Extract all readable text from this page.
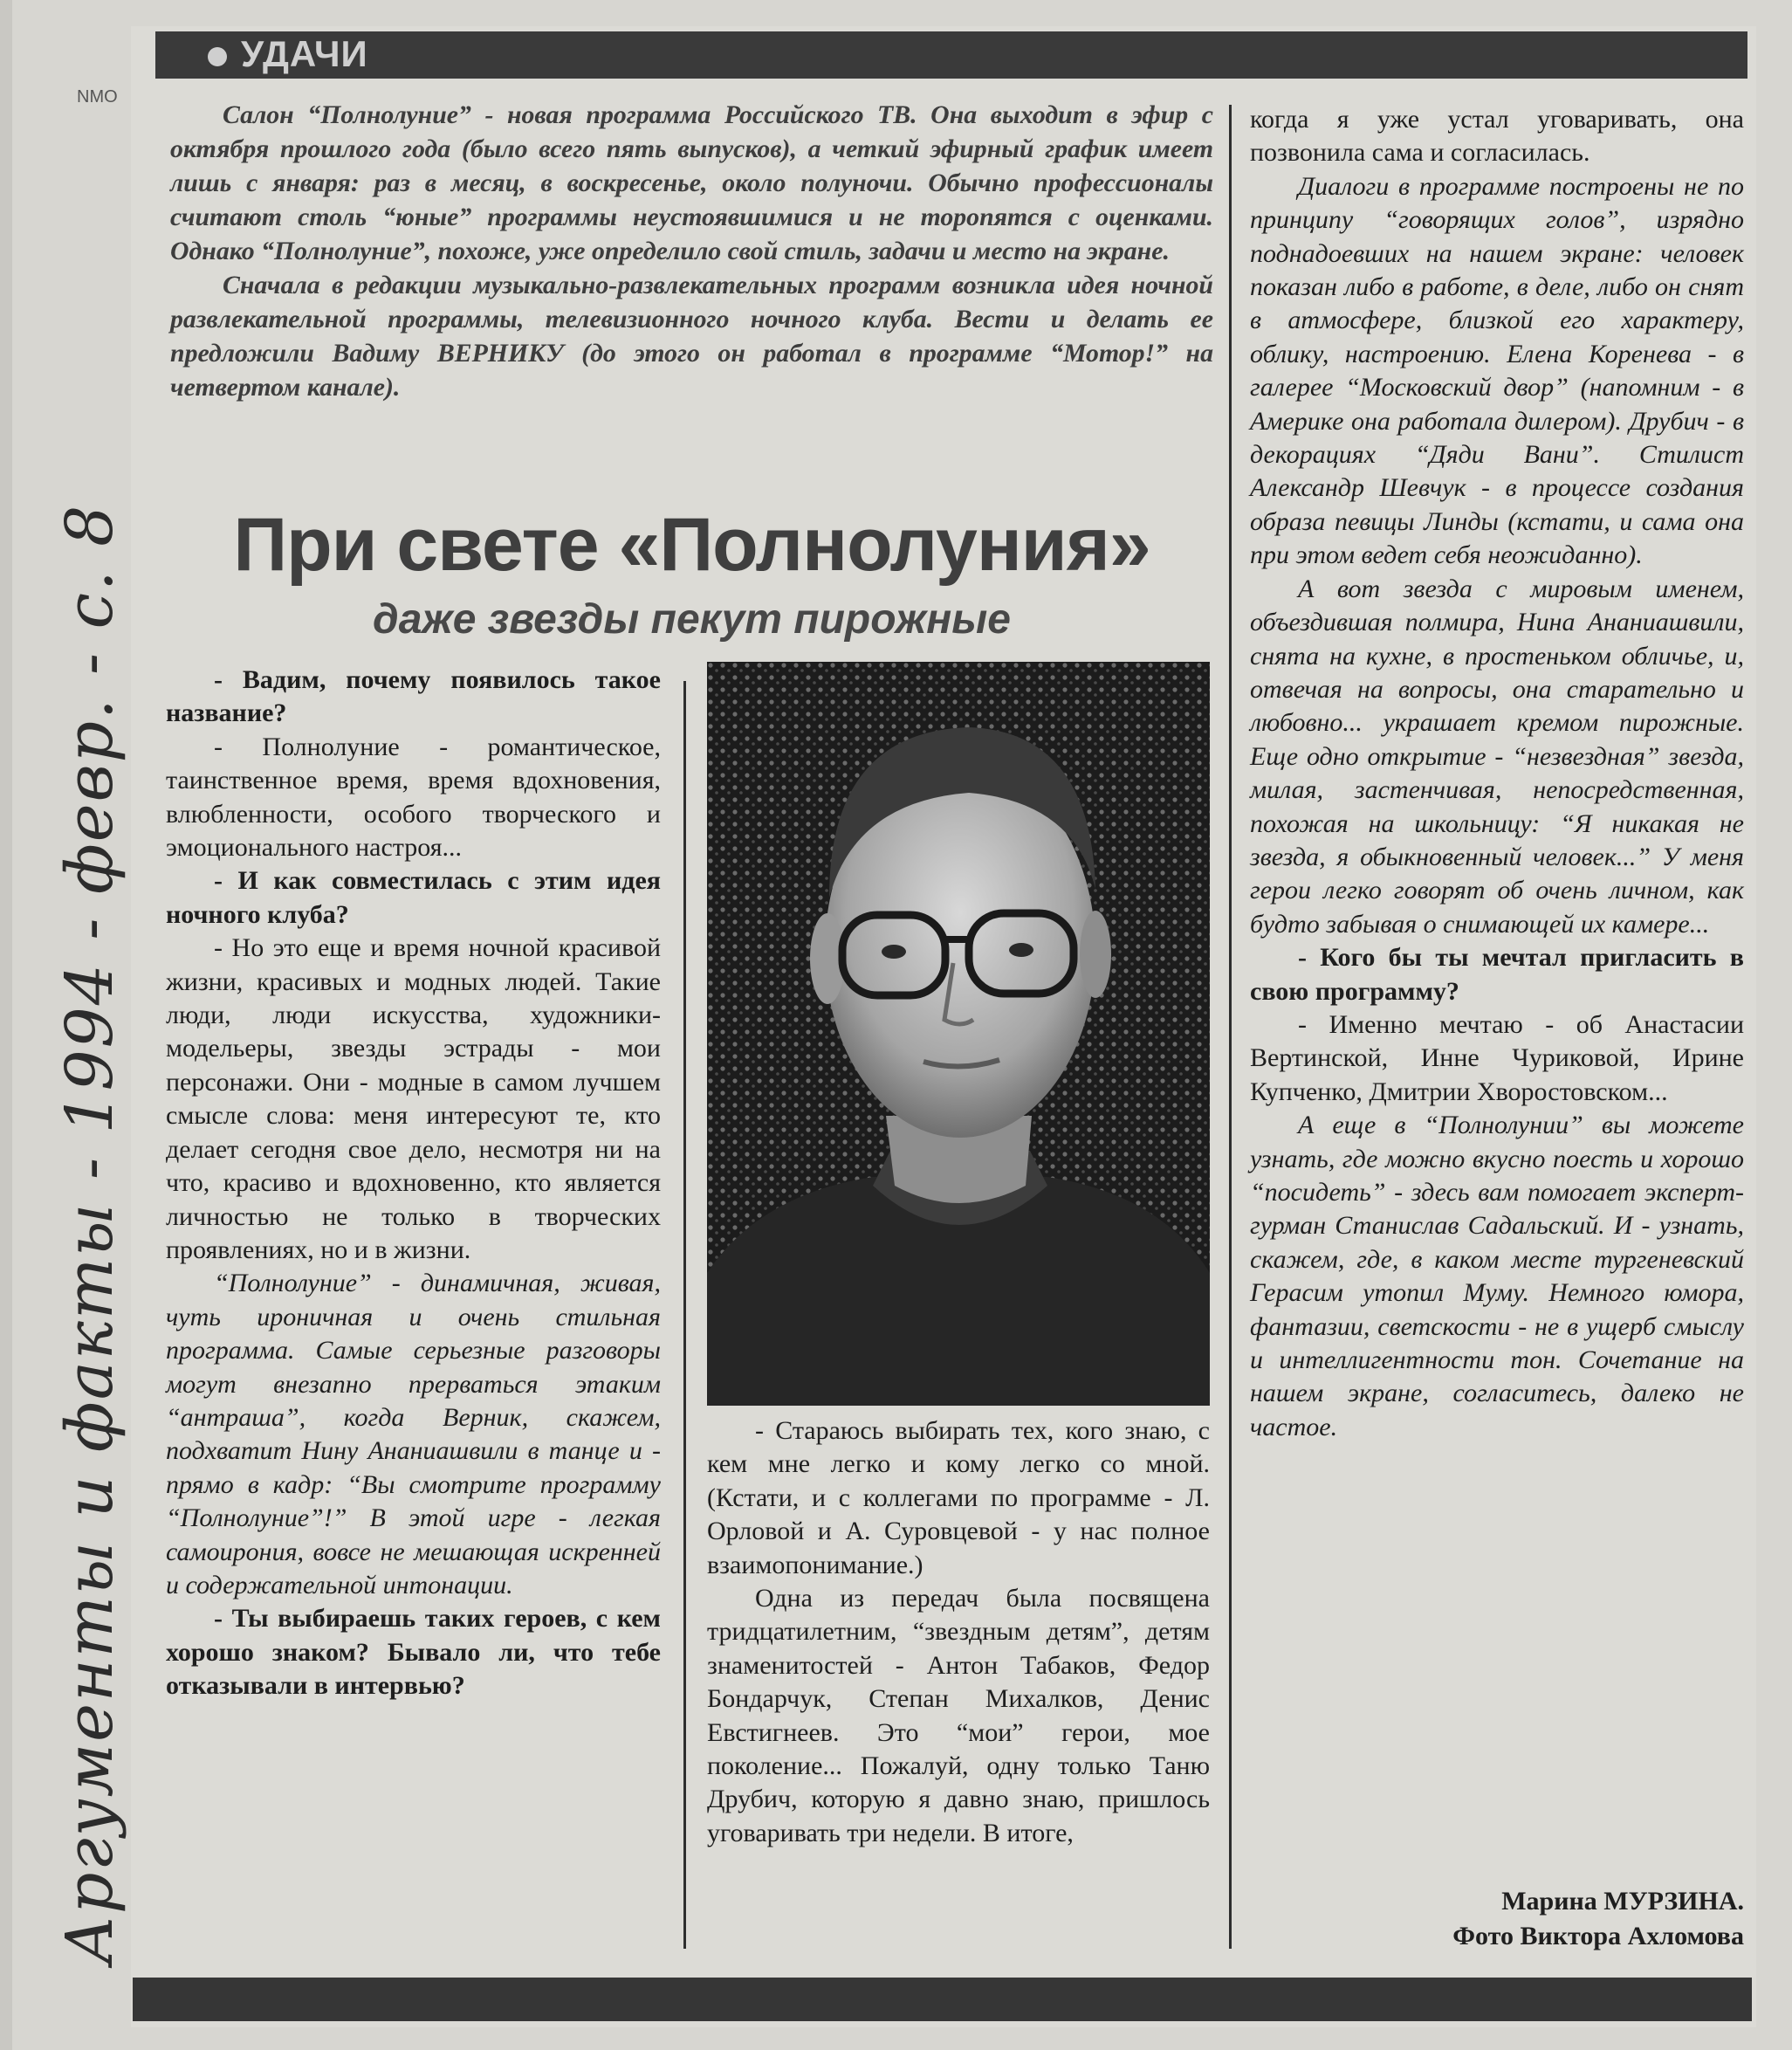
Аргументы и факты - 1994 - февр. - с. 8
NMO
УДАЧИ

Салон “Полнолуние” - новая программа Российского ТВ. Она выходит в эфир с октября прошлого года (было всего пять выпусков), а четкий эфирный график имеет лишь с января: раз в месяц, в воскресенье, около полуночи. Обычно профессионалы считают столь “юные” программы неустоявшимися и не торопятся с оценками. Однако “Полнолуние”, похоже, уже определило свой стиль, задачи и место на экране.

Сначала в редакции музыкально-развлекательных программ возникла идея ночной развлекательной программы, телевизионного ночного клуба. Вести и делать ее предложили Вадиму ВЕРНИКУ (до этого он работал в программе “Мотор!” на четвертом канале).

При свете «Полнолуния»
даже звезды пекут пирожные

- Вадим, почему появилось такое название?

- Полнолуние - романтическое, таинственное время, время вдохновения, влюбленности, особого творческого и эмоционального настроя...

- И как совместилась с этим идея ночного клуба?

- Но это еще и время ночной красивой жизни, красивых и модных людей. Такие люди, люди искусства, художники-модельеры, звезды эстрады - мои персонажи. Они - модные в самом лучшем смысле слова: меня интересуют те, кто делает сегодня свое дело, несмотря ни на что, красиво и вдохновенно, кто является личностью не только в творческих проявлениях, но и в жизни.

“Полнолуние” - динамичная, живая, чуть ироничная и очень стильная программа. Самые серьезные разговоры могут внезапно прерваться этаким “антраша”, когда Верник, скажем, подхватит Нину Ананиашвили в танце и - прямо в кадр: “Вы смотрите программу “Полнолуние”!” В этой игре - легкая самоирония, вовсе не мешающая искренней и содержательной интонации.

- Ты выбираешь таких героев, с кем хорошо знаком? Бывало ли, что тебе отказывали в интервью?

- Стараюсь выбирать тех, кого знаю, с кем мне легко и кому легко со мной. (Кстати, и с коллегами по программе - Л. Орловой и А. Суровцевой - у нас полное взаимопонимание.)

Одна из передач была посвящена тридцатилетним, “звездным детям”, детям знаменитостей - Антон Табаков, Федор Бондарчук, Степан Михалков, Денис Евстигнеев. Это “мои” герои, мое поколение... Пожалуй, одну только Таню Друбич, которую я давно знаю, пришлось уговаривать три недели. В итоге,

когда я уже устал уговаривать, она позвонила сама и согласилась.

Диалоги в программе построены не по принципу “говорящих голов”, изрядно поднадоевших на нашем экране: человек показан либо в работе, в деле, либо он снят в атмосфере, близкой его характеру, облику, настроению. Елена Коренева - в галерее “Московский двор” (напомним - в Америке она работала дилером). Друбич - в декорациях “Дяди Вани”. Стилист Александр Шевчук - в процессе создания образа певицы Линды (кстати, и сама она при этом ведет себя неожиданно).

А вот звезда с мировым именем, объездившая полмира, Нина Ананиашвили, снята на кухне, в простеньком обличье, и, отвечая на вопросы, она старательно и любовно... украшает кремом пирожные. Еще одно открытие - “незвездная” звезда, милая, застенчивая, непосредственная, похожая на школьницу: “Я никакая не звезда, я обыкновенный человек...” У меня герои легко говорят об очень личном, как будто забывая о снимающей их камере...

- Кого бы ты мечтал пригласить в свою программу?

- Именно мечтаю - об Анастасии Вертинской, Инне Чуриковой, Ирине Купченко, Дмитрии Хворостовском...

А еще в “Полнолунии” вы можете узнать, где можно вкусно поесть и хорошо “посидеть” - здесь вам помогает эксперт-гурман Станислав Садальский. И - узнать, скажем, где, в каком месте тургеневский Герасим утопил Муму. Немного юмора, фантазии, светскости - не в ущерб смыслу и интеллигентности тон. Сочетание на нашем экране, согласитесь, далеко не частое.

Марина МУРЗИНА.
Фото Виктора Ахломова
